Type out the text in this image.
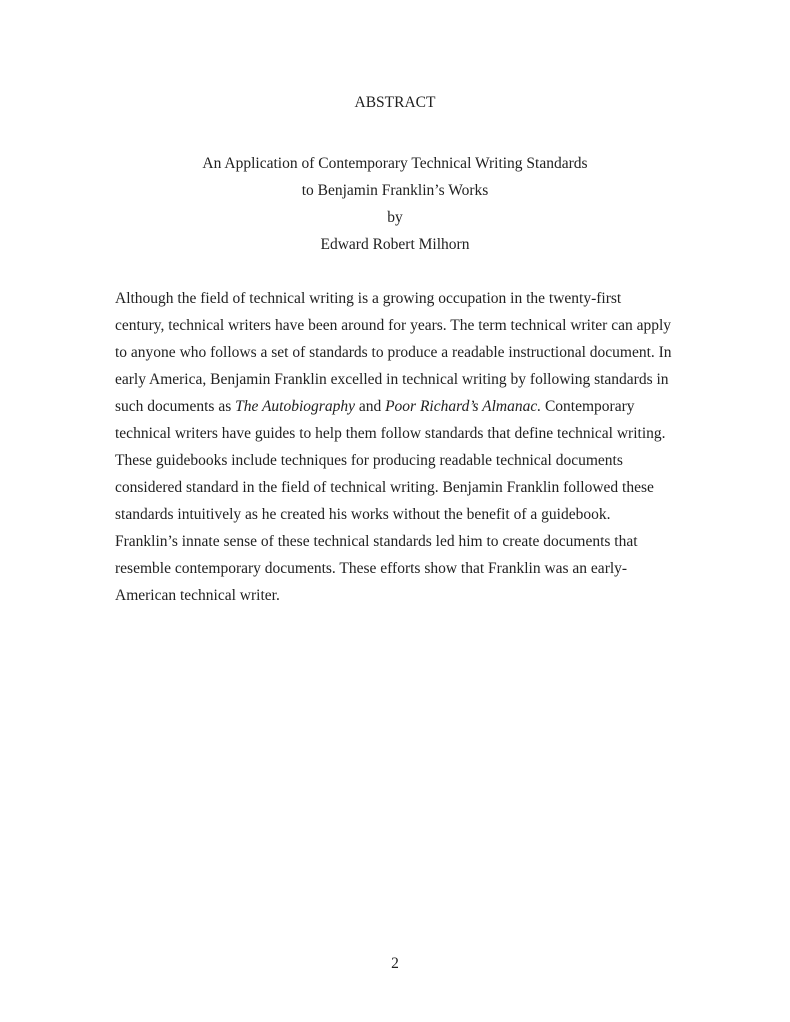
ABSTRACT
An Application of Contemporary Technical Writing Standards
to Benjamin Franklin’s Works
by
Edward Robert Milhorn
Although the field of technical writing is a growing occupation in the twenty-first
century, technical writers have been around for years. The term technical writer can apply
to anyone who follows a set of standards to produce a readable instructional document. In
early America, Benjamin Franklin excelled in technical writing by following standards in
such documents as The Autobiography and Poor Richard’s Almanac. Contemporary
technical writers have guides to help them follow standards that define technical writing.
These guidebooks include techniques for producing readable technical documents
considered standard in the field of technical writing. Benjamin Franklin followed these
standards intuitively as he created his works without the benefit of a guidebook.
Franklin’s innate sense of these technical standards led him to create documents that
resemble contemporary documents. These efforts show that Franklin was an early-
American technical writer.
2
